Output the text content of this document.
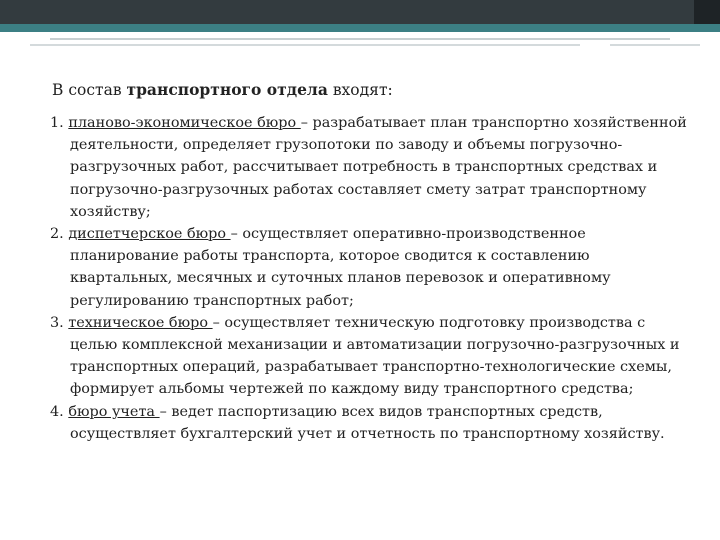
В состав транспортного отдела входят:

1. планово-экономическое бюро – разрабатывает план транспортно хозяйственной деятельности, определяет грузопотоки по заводу и объемы погрузочно-разгрузочных работ, рассчитывает потребность в транспортных средствах и погрузочно-разгрузочных работах составляет смету затрат транспортному хозяйству;

2. диспетчерское бюро – осуществляет оперативно-производственное планирование работы транспорта, которое сводится к составлению квартальных, месячных и суточных планов перевозок и оперативному регулированию транспортных работ;

3. техническое бюро – осуществляет техническую подготовку производства с целью комплексной механизации и автоматизации погрузочно-разгрузочных и транспортных операций, разрабатывает транспортно-технологические схемы, формирует альбомы чертежей по каждому виду транспортного средства;

4. бюро учета – ведет паспортизацию всех видов транспортных средств, осуществляет бухгалтерский учет и отчетность по транспортному хозяйству.
